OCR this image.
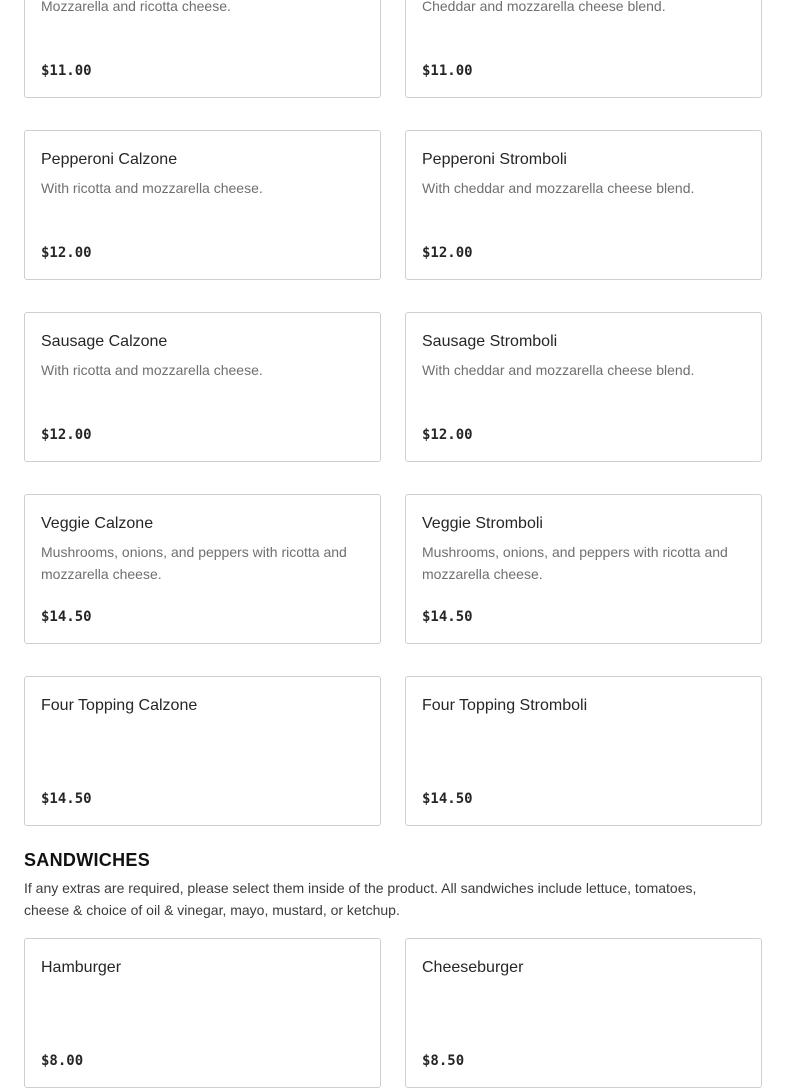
Mozzarella and ricotta cheese.
$11.00
Cheddar and mozzarella cheese blend.
$11.00
Pepperoni Calzone
With ricotta and mozzarella cheese.
$12.00
Pepperoni Stromboli
With cheddar and mozzarella cheese blend.
$12.00
Sausage Calzone
With ricotta and mozzarella cheese.
$12.00
Sausage Stromboli
With cheddar and mozzarella cheese blend.
$12.00
Veggie Calzone
Mushrooms, onions, and peppers with ricotta and mozzarella cheese.
$14.50
Veggie Stromboli
Mushrooms, onions, and peppers with ricotta and mozzarella cheese.
$14.50
Four Topping Calzone
$14.50
Four Topping Stromboli
$14.50
SANDWICHES

If any extras are required, please select them inside of the product. All sandwiches include lettuce, tomatoes, cheese & choice of oil & vinegar, mayo, mustard, or ketchup.

Hamburger
$8.00
Cheeseburger
$8.50
